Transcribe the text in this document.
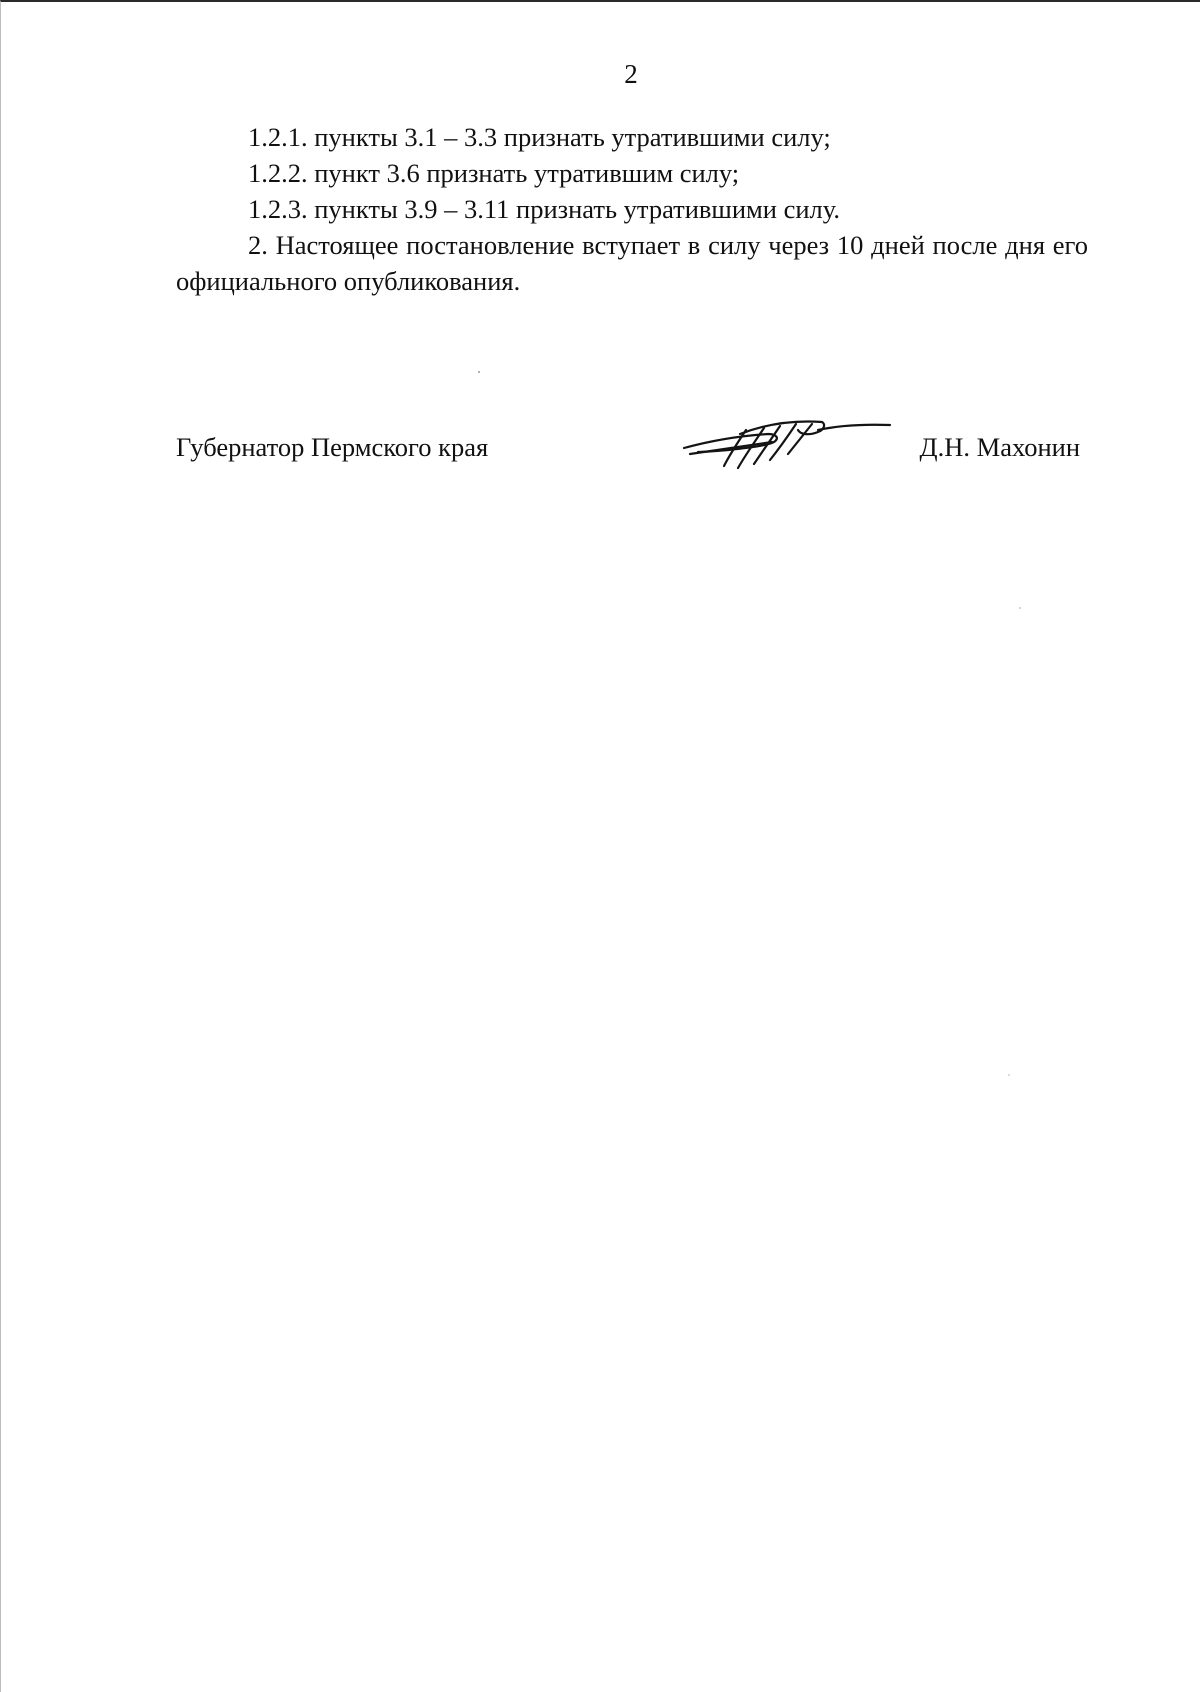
2

1.2.1. пункты 3.1 – 3.3 признать утратившими силу;

1.2.2. пункт 3.6 признать утратившим силу;

1.2.3. пункты 3.9 – 3.11 признать утратившими силу.

2. Настоящее постановление вступает в силу через 10 дней после дня его официального опубликования.

Губернатор Пермского края	Д.Н. Махонин
